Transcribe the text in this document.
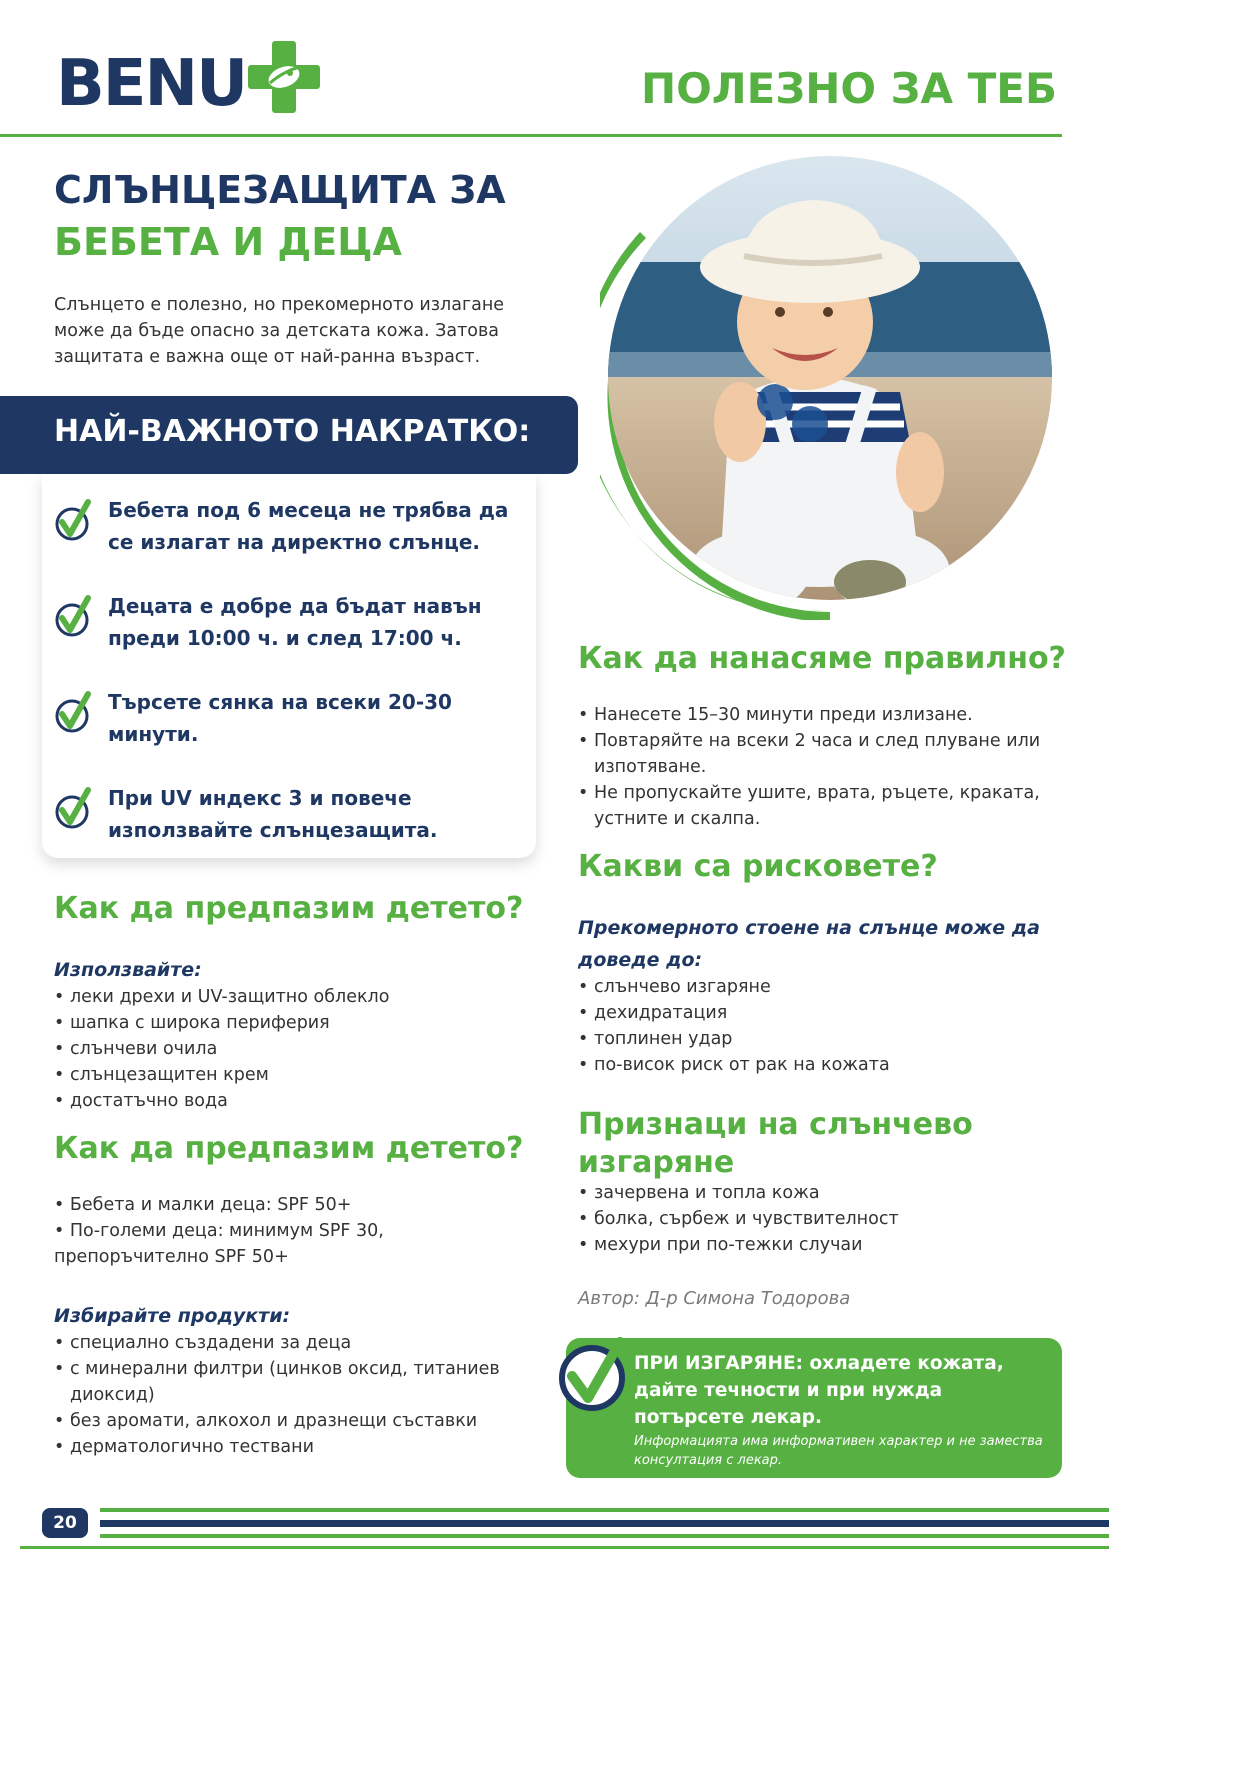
BENU	ПОЛЕЗНО ЗА ТЕБ
СЛЪНЦЕЗАЩИТА ЗА
БЕБЕТА И ДЕЦА

Слънцето е полезно, но прекомерното излагане може да бъде опасно за детската кожа. Затова защитата е важна още от най-ранна възраст.

НАЙ-ВАЖНОТО НАКРАТКО:
Бебета под 6 месеца не трябва да се излагат на директно слънце.
Децата е добре да бъдат навън преди 10:00 ч. и след 17:00 ч.
Търсете сянка на всеки 20-30 минути.
При UV индекс 3 и повече използвайте слънцезащита.
Как да предпазим детето?
Използвайте:
• леки дрехи и UV-защитно облекло
• шапка с широка периферия
• слънчеви очила
• слънцезащитен крем
• достатъчно вода
Как да предпазим детето?
• Бебета и малки деца: SPF 50+
• По-големи деца: минимум SPF 30, препоръчително SPF 50+
Избирайте продукти:
• специално създадени за деца
• с минерални филтри (цинков оксид, титаниев диоксид)
• без аромати, алкохол и дразнещи съставки
• дерматологично тествани
Как да нанасяме правилно?
• Нанесете 15–30 минути преди излизане.
• Повтаряйте на всеки 2 часа и след плуване или изпотяване.
• Не пропускайте ушите, врата, ръцете, краката, устните и скалпа.
Какви са рисковете?
Прекомерното стоене на слънце може да доведе до:
• слънчево изгаряне
• дехидратация
• топлинен удар
• по-висок риск от рак на кожата
Признаци на слънчево изгаряне
• зачервена и топла кожа
• болка, сърбеж и чувствителност
• мехури при по-тежки случаи
Автор: Д-р Симона Тодорова
ПРИ ИЗГАРЯНЕ: охладете кожата, дайте течности и при нужда потърсете лекар.
Информацията има информативен характер и не замества консултация с лекар.
20
